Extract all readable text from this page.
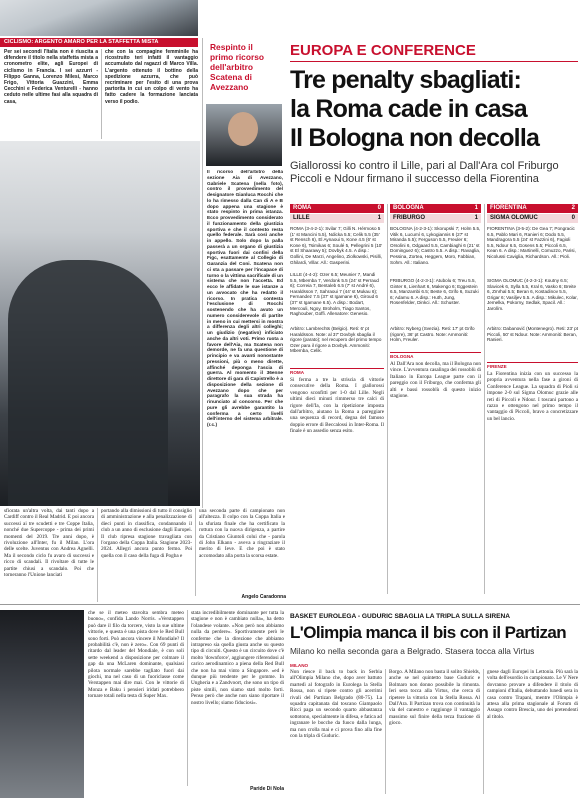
CICLISMO: ARGENTO AMARO PER LA STAFFETTA MISTA
Per sei secondi l'Italia non è riuscita a difendere il titolo nella staffetta mista a cronometro elite, agli Europei di ciclismo in Francia. I sei azzurri - Filippo Ganna, Lorenzo Milesi, Marco Frigo, Vittoria Guazzini, Emma Cecchini e Federica Venturelli - hanno ceduto nelle ultime fasi alla squadra di casa,
che con la compagine femminile ha ricostruito teri infatti il vantaggio accumulato dal ragazzi di Marco Villa. L'argento ottenuto il bottino della spedizione azzurra, che può recriminare per l'esito di una prova partorita in cui un colpo di vento ha fatto cadere la formazione lanciata verso il podio.
Respinto il primo ricorso dell'arbitro Scatena di Avezzano
Il ricorso dell'arbitro della sezione Aia di Avezzano, Gabriele Scatena (nella foto), contro il provvedimento del designatore Gianluca Rocchi che lo ha rimesso dalla Can di A e B dopo appena una stagione è stato respinto in prima istanza. Ecco provvedimento considerato il funzionamento della giustizia sportiva e che il contesto resta quello federale. Sarà così anche in appello. Solo dopo la palla passerà a un organo di giustizia sportiva fuori dai confini della Figc, esattamente al Collegio di Garanzia del Coni. Scatena non ci sta a passare per l'incapace di turno o la vittima sacrificale di un sistema che non l'accetta. Ed ecco le affidate le sue istanze a un avvocato che ha redatto il ricorso. In pratica contesta l'esclusione di Rocchi sostenendo che ha avuto un numero considerevole di partite in meno in cui mettersi in mostra a differenza degli altri colleghi; un giudizio (negativo) inficiato anche da altri voti. Primo ruota a favore dell'Aia, ma Scatena non demorde, ne fa una questione di principio e va avanti nonostante pressioni, più o meno dirette, affinché deponga l'ascia di guerra. Al momento il 36enne direttore di gara di Capistrello è a disposizione della sezione di Avezzano dopo che per paragrafo la sua strada ha rinunciato al concorso. Per che pure gli avrebbe garantito la conferma a certo livelli dell'interno del sistema arbitrale. (r.c.)
sfiorata un'altra volta, dai tanti dopo a Cardiff contro il Real Madrid. E poi ancora successi ai tre scudetti e tre Coppe Italia, nonché due Supercoppe - prima dei primi momenti del 2019. Tre anni dopo, è rivoluzione all'Inter, fu il Milan. L'ora delle scelte. Juventus con Andrea Agnelli. Ma il secondo ciclo fu avaro di successi e ricco di scandali. Il rivoltare di tutte le partite chiusi a scandalo. Poi che torneranno l'Unione lanciati
portando alla dimissioni di tutto il consiglio di amministrazione e alla penalizzazione di dieci punti in classifica, condannando il club a un anno di esclusione dagli Europei. Il club ripresa stagione travagliata con l'organo della Coppa Italia. Stagione 2023-2024. Allegri ancora punto fermo. Poi quella con il caso della fuga di Pogba e
una seconda parte di campionato non all'altezza. Il colpo con la Coppa Italia e la sfuriata finale che ha certificato la rottura con la nuova dirigenza, a partire da Cristiano Giuntoli colui che - parola di John Elkann - aveva a ringraziare il merito di Ieve. E che poi è stato accomodato alla porta la scorsa estate.
Angelo Caradonna
EUROPA E CONFERENCE
Tre penalty sbagliati:
la Roma cade in casa
Il Bologna non decolla
Giallorossi ko contro il Lille, pari al Dall'Ara col Friburgo Piccoli e Ndour firmano il successo della Fiorentina
ROMA	0
LILLE	1
ROMA (3-4-2-1): Svilar 7; Gilli N. Hérmoso 5 (1' st Mancini 5.5), Ndicka 5.5; Celik 5.5 (35' st Rensch 6), El Aynaoui 5, Kone 4.5 (6' st Kone 6), Tsimikas 6; Soulé 5, Pellegrini 5 (10' st El Shaarawy 5); Dovbyk 4.5. A disp.: Gollini, De Marzi, Angelino, Ziolkowski, Pisilli, Ghilardi, Villar. All.: Gasperini.
LILLE (4-4-2): Ozer 6.5; Meunier 7, Mandi 5.5, Mbemba 7, Verdonk 5.5 (24' st Perraud 6); Correia 7, Bentaleb 6.5 (7' st André 6), Haraldsson 7, Sahraoui 7 (44' st Mukau 6); Fernandez 7.5 (37' st Igamane 6), Giroud 6 (37' st Igamane 6.5). A disp.: Bodart, Mercouli, Ngoy, Broholm, Tiago Santos, Raghouber, Goffi. Allenatore: Genesio.
Arbitro: Lambrechts (Belgio). Reti: 6' pt Haraldsson. Note: al 37' Dovbyk sbaglia il rigore (parato); nel recupero del primo tempo Ozer para il rigore a Dovbyk. Ammoniti: Mbemba, Celik.
ROMA
Si ferma a tre la striscia di vittorie consecutive della Roma. I giallorossi vengono sconfitti per 1-0 dal Lille. Negli ultimi dieci minuti rimmerso tre calci di rigore dell'Ia, con la ripetizione imposta dall'arbitro, aiutano la Roma a pareggiare una sequenza di record, degna del famoso doppio errore di Beccalossi in Inter-Roma. Il finale è un assedio senza esito.
BOLOGNA	1
FRIBURGO	1
BOLOGNA (4-2-3-1): Skorupski 7; Holm 5.5, Vitik 6, Lucumí 6, Lykogiannis 6 (27' st Miranda 5.5); Ferguson 5.5, Freuler 6; Orsolini 6, Odgaard 5.5, Cambiaghi 6 (21' st Dominguez 6); Castro 5.5. A disp.: Ravaglia, Pessina, Zortea, Heggem, Moro, Fabbian, Sohm. All.: Italiano.
FRIBURGO (4-2-3-1): Atubolu 6; Treu 5.5, Ginter 6, Lienhart 6, Makengo 6; Eggestein 6.5, Manzambi 6.5; Beste 6, Grifo 6, Suzuki 6; Adamu 6. A disp.: Huth, Jung, Rosenfelder, Dinkci. All.: Schuster.
Arbitro: Nyberg (Svezia). Reti: 17' pt Grifo (rigore), 36' pt Castro. Note: Ammoniti: Holm, Freuler.
BOLOGNA
Al Dall'Ara non decolla, ma il Bologna non vince. L'avventura casalinga dei rossoblù di Italiano in Europa League parte con il pareggio con il Friburgo, che conferma gli alti e bassi rossoblù di questo inizio stagione.
FIORENTINA	2
SIGMA OLOMUC	0
FIORENTINA (3-5-2): De Gea 7; Pongracic 6.5, Pablo Mari 6, Ranieri 6; Dodo 5.5, Mandragora 5.5 (24' st Fazzini 6), Fagioli 5.5, Ndour 6.5, Gosens 5.5; Piccoli 6.5, Kean 6. A disp.: Martinelli, Comuzzo, Parisi, Nicolussi Caviglia, Richardson. All.: Pioli.
SIGMA OLOMUC (4-2-3-1): Koutny 6.5; Slavicek 6, Sylla 5.5, Kral 6, Vasko 6; Breite 6, Zmrhal 5.5; Beran 6, Kostadinov 5.5, Grigar 6; Vasiljev 5.5. A disp.: Mikulec, Kolar, Jemelka, Pokorny, Sedlak, Spacil. All.: Jarolím.
Arbitro: Dabanović (Montenegro). Reti: 23' pt Piccoli, 50' st Ndour. Note: Ammoniti: Beran, Ranieri.
FIRENZE
La Fiorentina inizia con un successo la propria avventura nella fase a gironi di Conference League. La squadra di Pioli si impone 2-0 sul Sigma Olomuc grazie alle reti di Piccoli e Ndour. I toscani partono a razzo e ottengono nel primo tempo il vantaggio di Piccoli, bravo a concretizzare un bel lancio.
che se il meteo stavolta sembra meteo buono», confida Lando Norris. «Verstappen può dare il filo da torcere, visto la sue ultime vittorie, e questa è una pista dove le Red Bull sono forti. Può ancora vincere il Mondiale? Il probabilità c'è, non è zero». Con 69 punti di ritardo dal leader del Mondiale, è con soli sette weekend a disposizione per colmare il gap da una McLaren dominante, qualsiasi pilota normale sarebbe tagliato fuori dai giochi, ma nel caso di un fuoriclasse come Verstappen mai dire mai. Con le vittorie di Monza e Baku i pensieri iridati potrebbero tornare totali nella testa di Super Max.
stata incredibilmente dominante per tutta la stagione e non è cambiato nulla», ha detto l'olandese volante. «Non però non abbiamo nulla da perdere». Sportivamente però le conferme che la direzione che abbiamo intrapreso sia quella giusta anche su questo tipo di circuiti. Questo è un circuito dove c'è molto 'downforce', aggiungere riferendosi al carico aerodinamico a piena della Red Bull che non ha mai vinto a Singapore. «ed è dunque più tendente per le gomme. In Ungheria e a Zandvoort, che sono un tipo di piste simili, non siamo stati molto forti. Penso però che anche non siano riportare il nostro livello; siamo fiduciosi».
Paride Di Nola
BASKET EUROLEGA - GUDURIC SBAGLIA LA TRIPLA SULLA SIRENA
L'Olimpia manca il bis con il Partizan
Milano ko nella seconda gara a Belgrado. Stasera tocca alla Virtus
MILANO
Non riesce il back to back in Serbia all'Olimpia Milano che, dopo aver battuto martedì al fotografo in Eurolega la Stella Rossa, non si ripete contro gli acerrimi rivali del Partizan Belgrado (80-75). La squadra capitanata dal toscano Giampaolo Ricci paga un secondo quarto abbastanza sottotono, specialmente in difesa, e fatica ad ingranare le bocche da fuoco dalla lunga, ma non crolla mai e ci prova fino alla fine con la tripla di Guduric.
Borgo. A Milano non basta il solito Shields, anche se nel quintetto base Guduric e Bolmaro non donno possibile la rimonta. Ieri sera tocca alla Virtus, che cerca di ripetere la vittoria con la Stella Rossa. Al Dall'Ara. Il Partizan trova con continuità la via del canestro e raggiunge il vantaggio massimo sul finire della terza frazione di gioco.
gnese dagli Europei in Lettonia. Più sarà la volta dell'esordio in campionato. Le V Nere dovranno provare a difendere il titolo di campioni d'Italia, debuttando lunedì sera in casa contro Trapani, mentre l'Olimpia è attesa alla prima stagionale al Forum di Assago contro Brescia, uno dei pretendenti al titolo.
